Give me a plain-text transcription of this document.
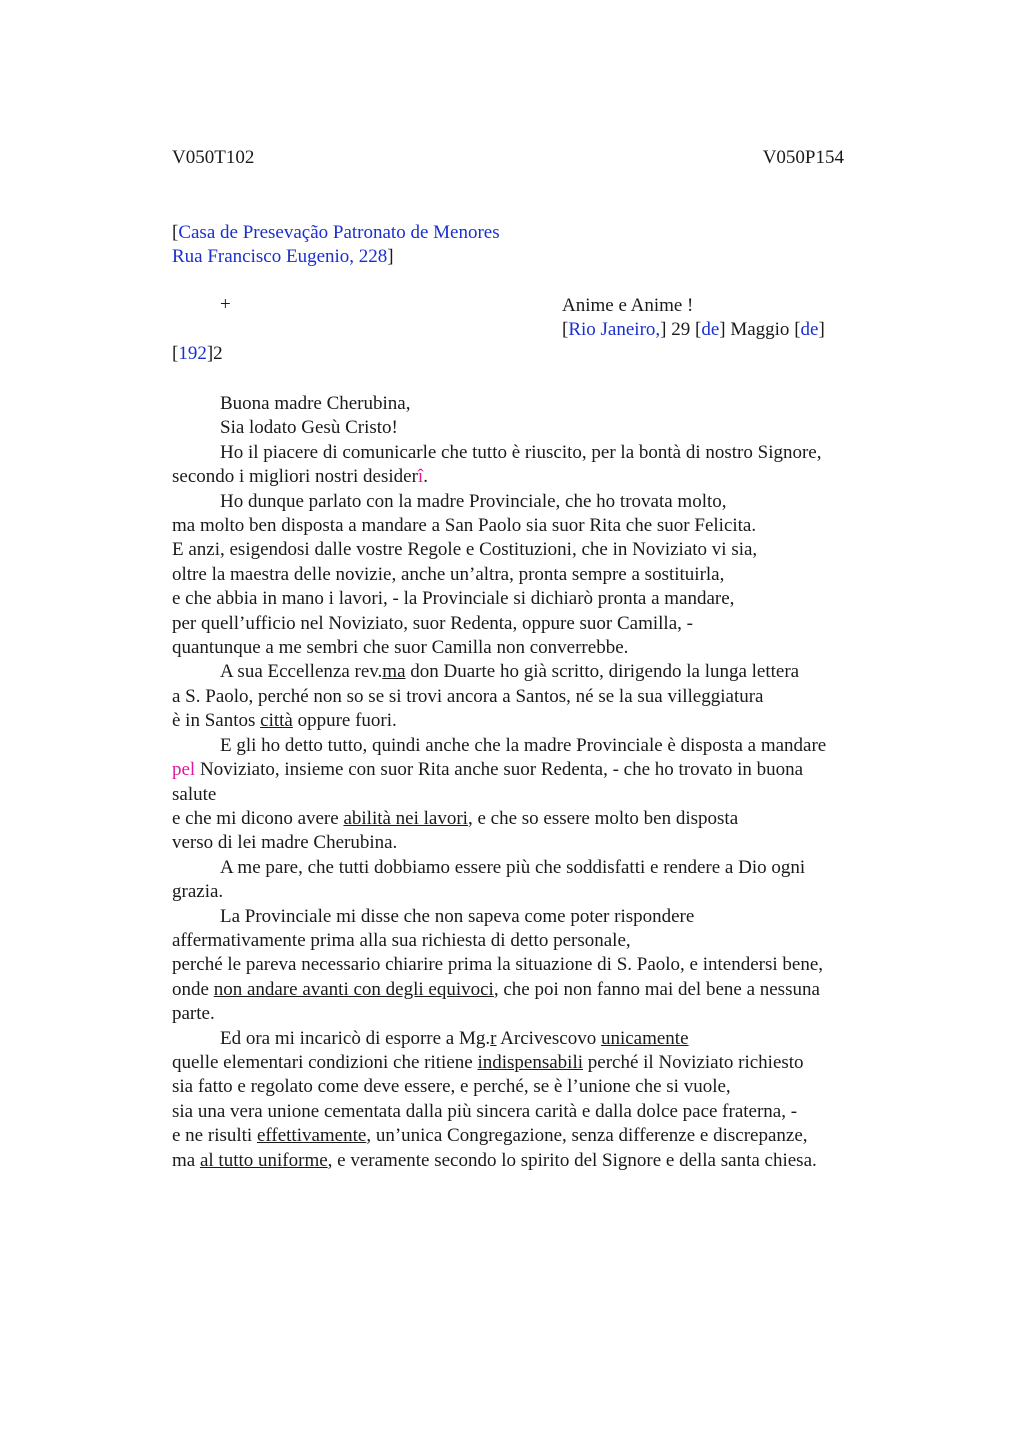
V050T102	V050P154
[Casa de Presevação Patronato de Menores
Rua Francisco Eugenio, 228]
+	Anime e Anime !
[Rio Janeiro,] 29 [de] Maggio [de]
[192]2
Buona madre Cherubina,
Sia lodato Gesù Cristo!
Ho il piacere di comunicarle che tutto è riuscito, per la bontà di nostro Signore,
secondo i migliori nostri desiderî.
Ho dunque parlato con la madre Provinciale, che ho trovata molto,
ma molto ben disposta a mandare a San Paolo sia suor Rita che suor Felicita.
E anzi, esigendosi dalle vostre Regole e Costituzioni, che in Noviziato vi sia,
oltre la maestra delle novizie, anche un’altra, pronta sempre a sostituirla,
e che abbia in mano i lavori, - la Provinciale si dichiarò pronta a mandare,
per quell’ufficio nel Noviziato, suor Redenta, oppure suor Camilla, -
quantunque a me sembri che suor Camilla non converrebbe.
A sua Eccellenza rev.ma don Duarte ho già scritto, dirigendo la lunga lettera
a S. Paolo, perché non so se si trovi ancora a Santos, né se la sua villeggiatura
è in Santos città oppure fuori.
E gli ho detto tutto, quindi anche che la madre Provinciale è disposta a mandare
pel Noviziato, insieme con suor Rita anche suor Redenta, - che ho trovato in buona
salute
e che mi dicono avere abilità nei lavori, e che so essere molto ben disposta
verso di lei madre Cherubina.
A me pare, che tutti dobbiamo essere più che soddisfatti e rendere a Dio ogni
grazia.
La Provinciale mi disse che non sapeva come poter rispondere
affermativamente prima alla sua richiesta di detto personale,
perché le pareva necessario chiarire prima la situazione di S. Paolo, e intendersi bene,
onde non andare avanti con degli equivoci, che poi non fanno mai del bene a nessuna
parte.
Ed ora mi incaricò di esporre a Mg.r Arcivescovo unicamente
quelle elementari condizioni che ritiene indispensabili perché il Noviziato richiesto
sia fatto e regolato come deve essere, e perché, se è l’unione che si vuole,
sia una vera unione cementata dalla più sincera carità e dalla dolce pace fraterna, -
e ne risulti effettivamente, un’unica Congregazione, senza differenze e discrepanze,
ma al tutto uniforme, e veramente secondo lo spirito del Signore e della santa chiesa.
